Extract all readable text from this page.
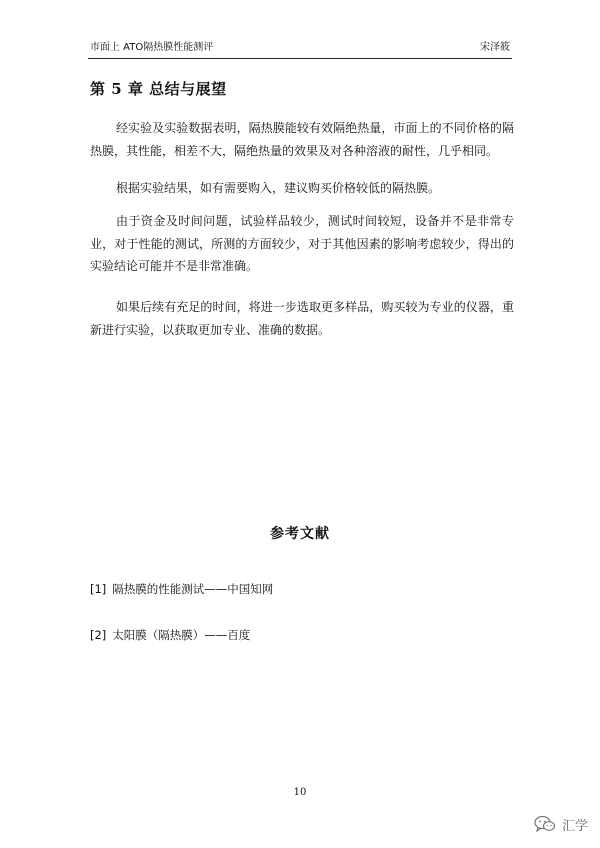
市面上 ATO隔热膜性能测评	宋泽筱
第 5 章 总结与展望

经实验及实验数据表明，隔热膜能较有效隔绝热量，市面上的不同价格的隔热膜，其性能，相差不大，隔绝热量的效果及对各种溶液的耐性，几乎相同。

根据实验结果，如有需要购入，建议购买价格较低的隔热膜。

由于资金及时间问题，试验样品较少，测试时间较短，设备并不是非常专业，对于性能的测试，所测的方面较少，对于其他因素的影响考虑较少，得出的实验结论可能并不是非常准确。

如果后续有充足的时间，将进一步选取更多样品，购买较为专业的仪器，重新进行实验，以获取更加专业、准确的数据。

参考文献

[1] 隔热膜的性能测试——中国知网

[2] 太阳膜（隔热膜）——百度

10
汇学
